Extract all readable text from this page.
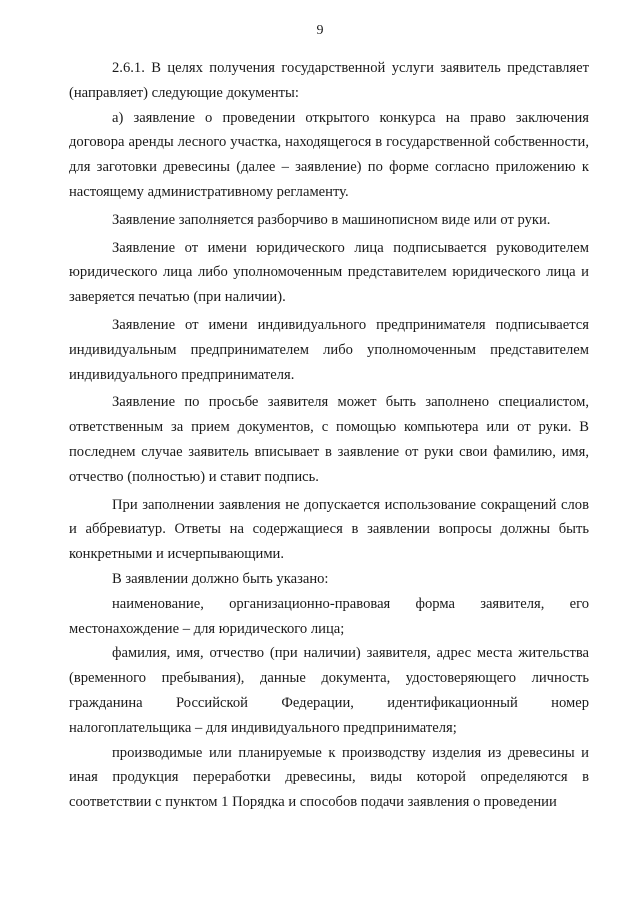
9

2.6.1. В целях получения государственной услуги заявитель представляет (направляет) следующие документы:

а) заявление о проведении открытого конкурса на право заключения договора аренды лесного участка, находящегося в государственной собственности, для заготовки древесины (далее – заявление) по форме согласно приложению к настоящему административному регламенту.

Заявление заполняется разборчиво в машинописном виде или от руки.

Заявление от имени юридического лица подписывается руководителем юридического лица либо уполномоченным представителем юридического лица и заверяется печатью (при наличии).

Заявление от имени индивидуального предпринимателя подписывается индивидуальным предпринимателем либо уполномоченным представителем индивидуального предпринимателя.

Заявление по просьбе заявителя может быть заполнено специалистом, ответственным за прием документов, с помощью компьютера или от руки. В последнем случае заявитель вписывает в заявление от руки свои фамилию, имя, отчество (полностью) и ставит подпись.

При заполнении заявления не допускается использование сокращений слов и аббревиатур. Ответы на содержащиеся в заявлении вопросы должны быть конкретными и исчерпывающими.

В заявлении должно быть указано:

наименование, организационно-правовая форма заявителя, его местонахождение – для юридического лица;

фамилия, имя, отчество (при наличии) заявителя, адрес места жительства (временного пребывания), данные документа, удостоверяющего личность гражданина Российской Федерации, идентификационный номер налогоплательщика – для индивидуального предпринимателя;

производимые или планируемые к производству изделия из древесины и иная продукция переработки древесины, виды которой определяются в соответствии с пунктом 1 Порядка и способов подачи заявления о проведении
